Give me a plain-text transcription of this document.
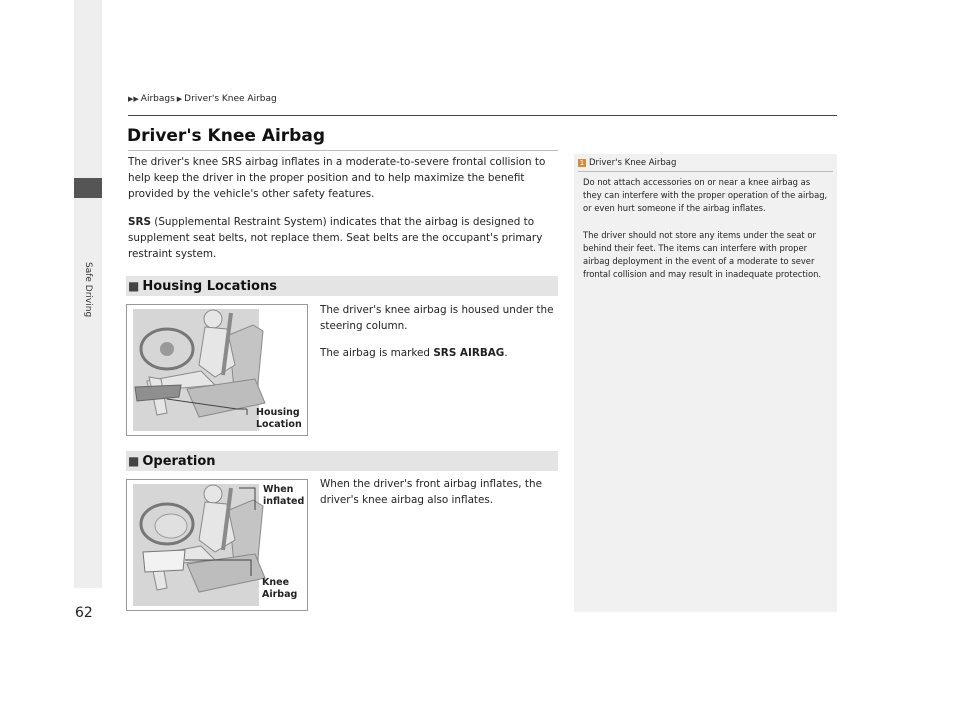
Safe Driving
62
▶▶ Airbags ▶ Driver's Knee Airbag
Driver's Knee Airbag

The driver's knee SRS airbag inflates in a moderate-to-severe frontal collision to help keep the driver in the proper position and to help maximize the benefit provided by the vehicle's other safety features.

SRS (Supplemental Restraint System) indicates that the airbag is designed to supplement seat belts, not replace them. Seat belts are the occupant's primary restraint system.

■ Housing Locations
Housing
Location

The driver's knee airbag is housed under the steering column.

The airbag is marked SRS AIRBAG.

■ Operation
When
inflated
Knee
Airbag

When the driver's front airbag inflates, the driver's knee airbag also inflates.

1 Driver's Knee Airbag

Do not attach accessories on or near a knee airbag as they can interfere with the proper operation of the airbag, or even hurt someone if the airbag inflates.

The driver should not store any items under the seat or behind their feet. The items can interfere with proper airbag deployment in the event of a moderate to sever frontal collision and may result in inadequate protection.
